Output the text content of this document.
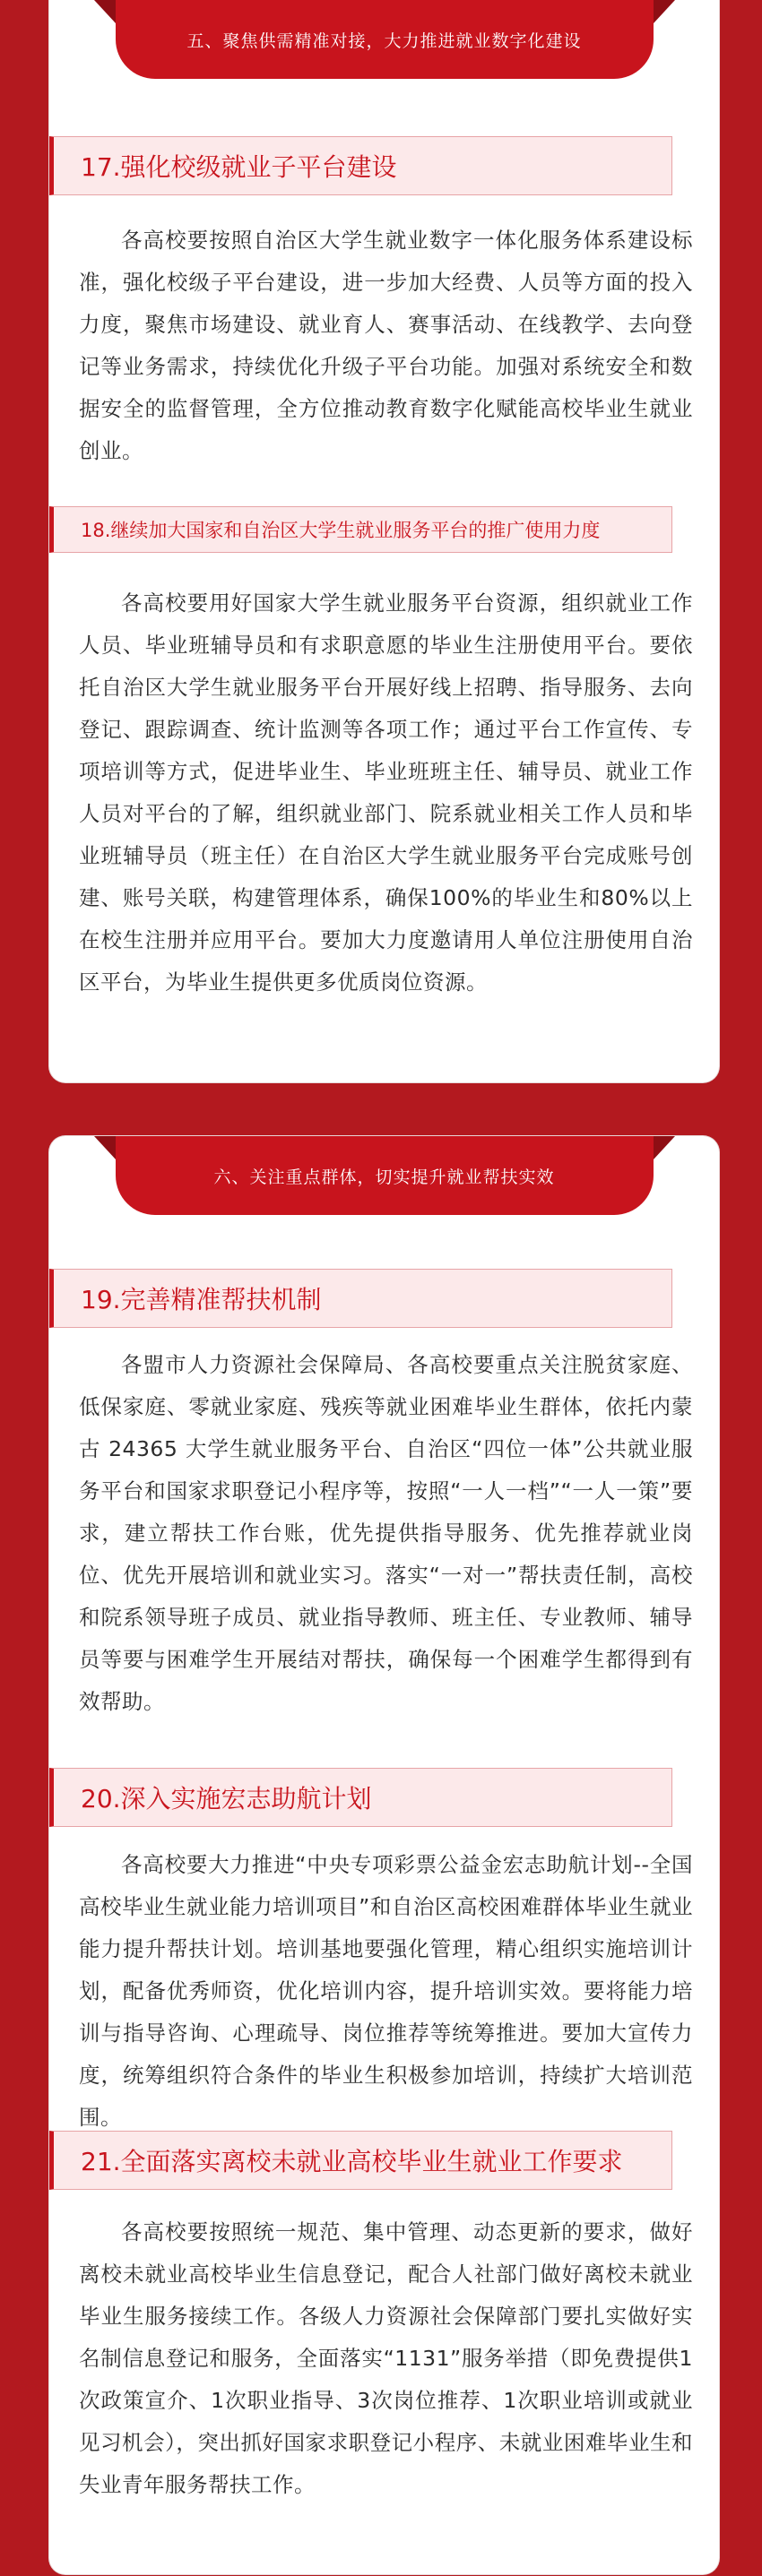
五、聚焦供需精准对接，大力推进就业数字化建设
17.强化校级就业子平台建设

各高校要按照自治区大学生就业数字一体化服务体系建设标准，强化校级子平台建设，进一步加大经费、人员等方面的投入力度，聚焦市场建设、就业育人、赛事活动、在线教学、去向登记等业务需求，持续优化升级子平台功能。加强对系统安全和数据安全的监督管理，全方位推动教育数字化赋能高校毕业生就业创业。

18.继续加大国家和自治区大学生就业服务平台的推广使用力度

各高校要用好国家大学生就业服务平台资源，组织就业工作人员、毕业班辅导员和有求职意愿的毕业生注册使用平台。要依托自治区大学生就业服务平台开展好线上招聘、指导服务、去向登记、跟踪调查、统计监测等各项工作；通过平台工作宣传、专项培训等方式，促进毕业生、毕业班班主任、辅导员、就业工作人员对平台的了解，组织就业部门、院系就业相关工作人员和毕业班辅导员（班主任）在自治区大学生就业服务平台完成账号创建、账号关联，构建管理体系，确保100%的毕业生和80%以上在校生注册并应用平台。要加大力度邀请用人单位注册使用自治区平台，为毕业生提供更多优质岗位资源。

六、关注重点群体，切实提升就业帮扶实效
19.完善精准帮扶机制

各盟市人力资源社会保障局、各高校要重点关注脱贫家庭、低保家庭、零就业家庭、残疾等就业困难毕业生群体，依托内蒙古 24365 大学生就业服务平台、自治区“四位一体”公共就业服务平台和国家求职登记小程序等，按照“一人一档”“一人一策”要求，建立帮扶工作台账，优先提供指导服务、优先推荐就业岗位、优先开展培训和就业实习。落实“一对一”帮扶责任制，高校和院系领导班子成员、就业指导教师、班主任、专业教师、辅导员等要与困难学生开展结对帮扶，确保每一个困难学生都得到有效帮助。

20.深入实施宏志助航计划

各高校要大力推进“中央专项彩票公益金宏志助航计划--全国高校毕业生就业能力培训项目”和自治区高校困难群体毕业生就业能力提升帮扶计划。培训基地要强化管理，精心组织实施培训计划，配备优秀师资，优化培训内容，提升培训实效。要将能力培训与指导咨询、心理疏导、岗位推荐等统筹推进。要加大宣传力度，统筹组织符合条件的毕业生积极参加培训，持续扩大培训范围。

21.全面落实离校未就业高校毕业生就业工作要求

各高校要按照统一规范、集中管理、动态更新的要求，做好离校未就业高校毕业生信息登记，配合人社部门做好离校未就业毕业生服务接续工作。各级人力资源社会保障部门要扎实做好实名制信息登记和服务，全面落实“1131”服务举措（即免费提供1次政策宣介、1次职业指导、3次岗位推荐、1次职业培训或就业见习机会），突出抓好国家求职登记小程序、未就业困难毕业生和失业青年服务帮扶工作。
